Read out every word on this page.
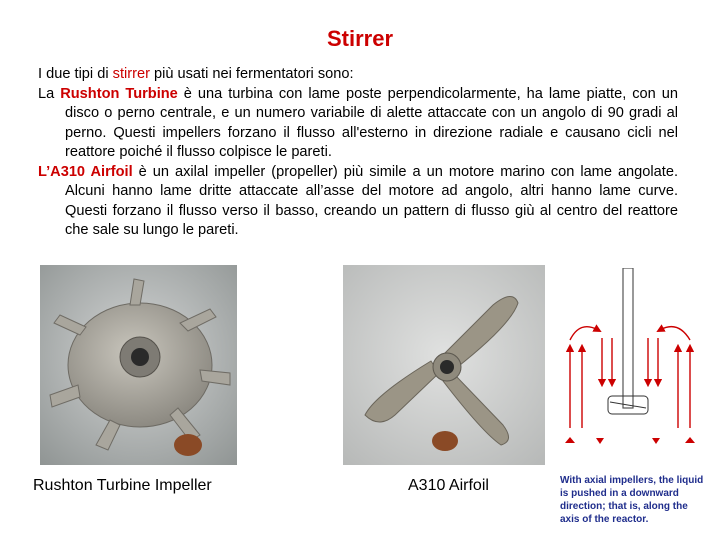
Stirrer

I due tipi di stirrer più usati nei fermentatori sono:

La Rushton Turbine è una turbina con lame poste perpendicolarmente, ha lame piatte, con un disco o perno centrale, e un numero variabile di alette attaccate con un angolo di 90 gradi al perno. Questi impellers forzano il flusso all'esterno in direzione radiale e causano cicli nel reattore poiché il flusso colpisce le pareti.

L’A310 Airfoil è un axilal impeller (propeller) più simile a un motore marino con lame angolate. Alcuni hanno lame dritte attaccate all’asse del motore ad angolo, altri hanno lame curve. Questi forzano il flusso verso il basso, creando un pattern di flusso giù al centro del reattore che sale su lungo le pareti.

Rushton Turbine Impeller	A310 Airfoil	With axial impellers, the liquid is pushed in a downward direction; that is, along the axis of the reactor.
